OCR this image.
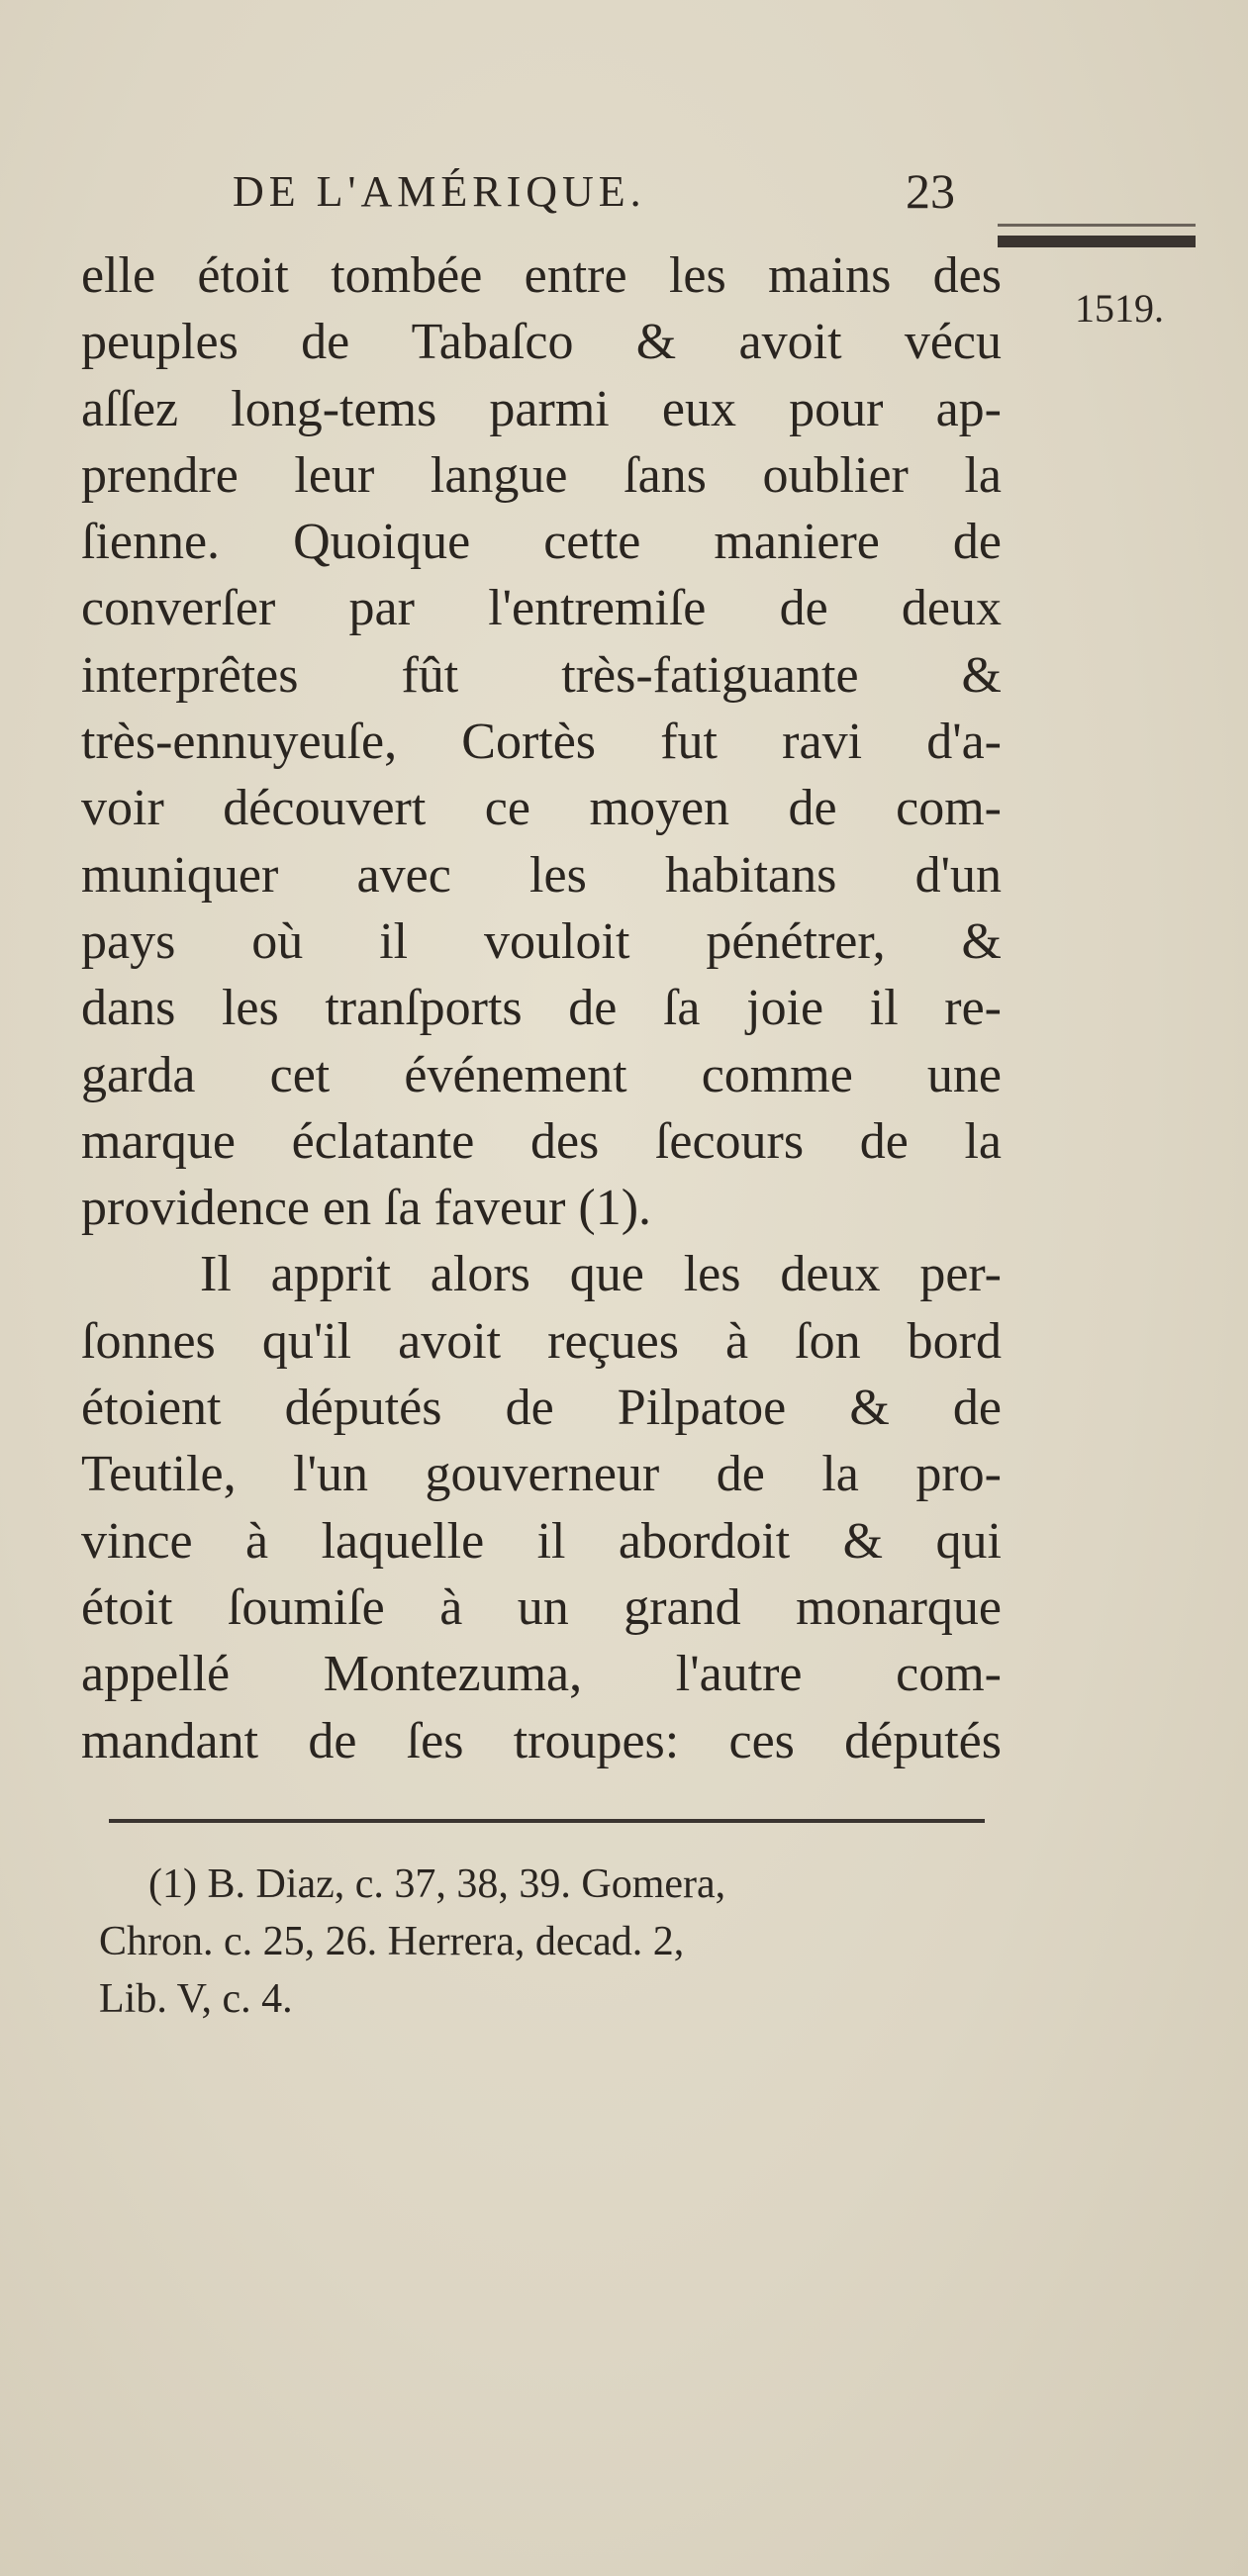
DE L'AMÉRIQUE.	23
1519.
elle étoit tombée entre les mains des
peuples de Tabaſco & avoit vécu
aſſez long-tems parmi eux pour ap-
prendre leur langue ſans oublier la
ſienne. Quoique cette maniere de
converſer par l'entremiſe de deux
interprêtes fût très-fatiguante &
très-ennuyeuſe, Cortès fut ravi d'a-
voir découvert ce moyen de com-
muniquer avec les habitans d'un
pays où il vouloit pénétrer, &
dans les tranſports de ſa joie il re-
garda cet événement comme une
marque éclatante des ſecours de la
providence en ſa faveur (1).
Il apprit alors que les deux per-
ſonnes qu'il avoit reçues à ſon bord
étoient députés de Pilpatoe & de
Teutile, l'un gouverneur de la pro-
vince à laquelle il abordoit & qui
étoit ſoumiſe à un grand monarque
appellé Montezuma, l'autre com-
mandant de ſes troupes: ces députés
(1) B. Diaz, c. 37, 38, 39. Gomera,
Chron. c. 25, 26. Herrera, decad. 2,
Lib. V, c. 4.
